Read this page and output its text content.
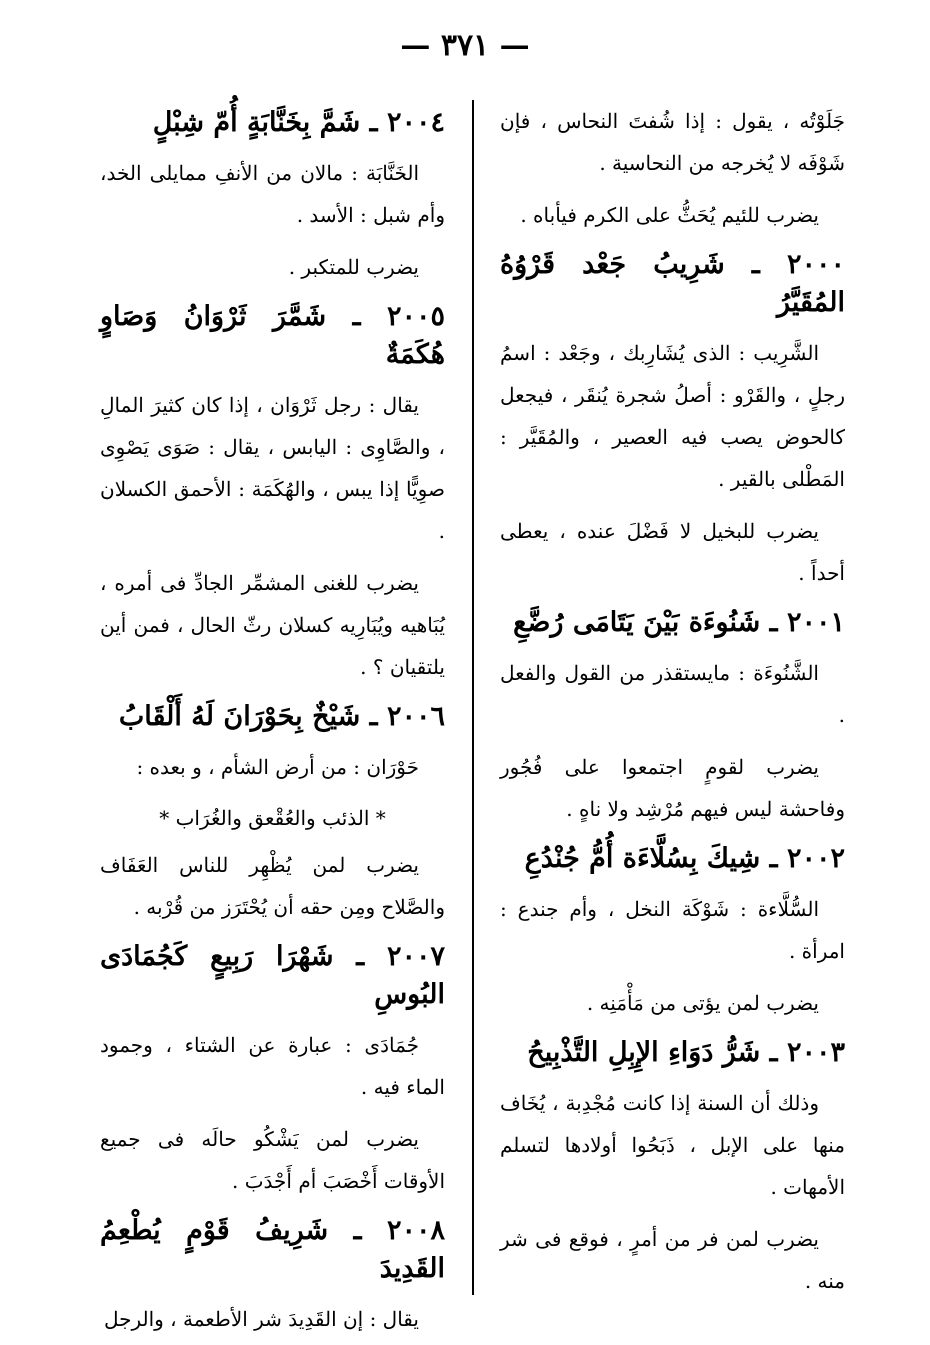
— ٣٧١ —

جَلَوْتُه ، يقول : إذا شُفتَ النحاس ، فإن شَوْفَه لا يُخرجه من النحاسية .

يضرب للئيم يُحَثُّ على الكرم فيأباه .

٢٠٠٠ ـ شَرِيبُ جَعْد قَرْوُهُ المُقَيَّرُ

الشَّرِيب : الذى يُشَارِبك ، وجَعْد : اسمُ رجلٍ ، والقَرْو : أصلُ شجرة يُنقَر ، فيجعل كالحوض يصب فيه العصير ، والمُقَيَّر : المَطْلى بالقير .

يضرب للبخيل لا فَضْلَ عنده ، يعطى أحداً .

٢٠٠١ ـ شَنُوءَة بَيْنَ يَتَامَى رُضَّعِ

الشَّنُوءَة : مايستقذر من القول والفعل .

يضرب لقومٍ اجتمعوا على فُجُور وفاحشة ليس فيهم مُرْشِد ولا ناهٍ .

٢٠٠٢ ـ شِيكَ بِسُلَّاءَة أُمُّ جُنْدُعِ

السُّلَّاءة : شَوْكَة النخل ، وأم جندع : امرأة .

يضرب لمن يؤتى من مَأْمَنِه .

٢٠٠٣ ـ شَرُّ دَوَاءِ الإِبِلِ التَّذْبِيحُ

وذلك أن السنة إذا كانت مُجْدِبة ، يُخَاف منها على الإبل ، ذَبَحُوا أولادها لتسلم الأمهات .

يضرب لمن فر من أمرٍ ، فوقع فى شر منه .

٢٠٠٤ ـ شَمَّ بِخَنَّابَةٍ أُمّ شِبْلٍ

الخَنَّابَة : مالان من الأنفِ ممايلى الخد، وأم شبل : الأسد .

يضرب للمتكبر .

٢٠٠٥ ـ شَمَّرَ ثَرْوَانُ وَصَاوٍ هُكَمَةٌ

يقال : رجل ثَرْوَان ، إذا كان كثيرَ المالِ ، والصَّاوِى : اليابس ، يقال : صَوَى يَصْوِى صوِيًّا إذا يبس ، والهُكَمَة : الأحمق الكسلان .

يضرب للغنى المشمِّر الجادِّ فى أمره ، يُبَاهيه ويُبَارِيه كسلان رثّ الحال ، فمن أين يلتقيان ؟ .

٢٠٠٦ ـ شَيْخٌ بِحَوْرَانَ لَهُ أَلْقَابُ

حَوْرَان : من أرض الشأم ، و بعده :

* الذئب والعُقْعق والغُرَاب *

يضرب لمن يُظْهِر للناس العَفَاف والصَّلاح ومِن حقه أن يُحْتَرَز من قُرْبه .

٢٠٠٧ ـ شَهْرَا رَبِيعٍ كَجُمَادَى البُوسِ

جُمَادَى : عبارة عن الشتاء ، وجمود الماء فيه .

يضرب لمن يَشْكُو حالَه فى جميع الأوقات أَخْصَبَ أم أَجْدَبَ .

٢٠٠٨ ـ شَرِيفُ قَوْمٍ يُطْعِمُ القَدِيدَ

يقال : إن القَدِيدَ شر الأطعمة ، والرجل
